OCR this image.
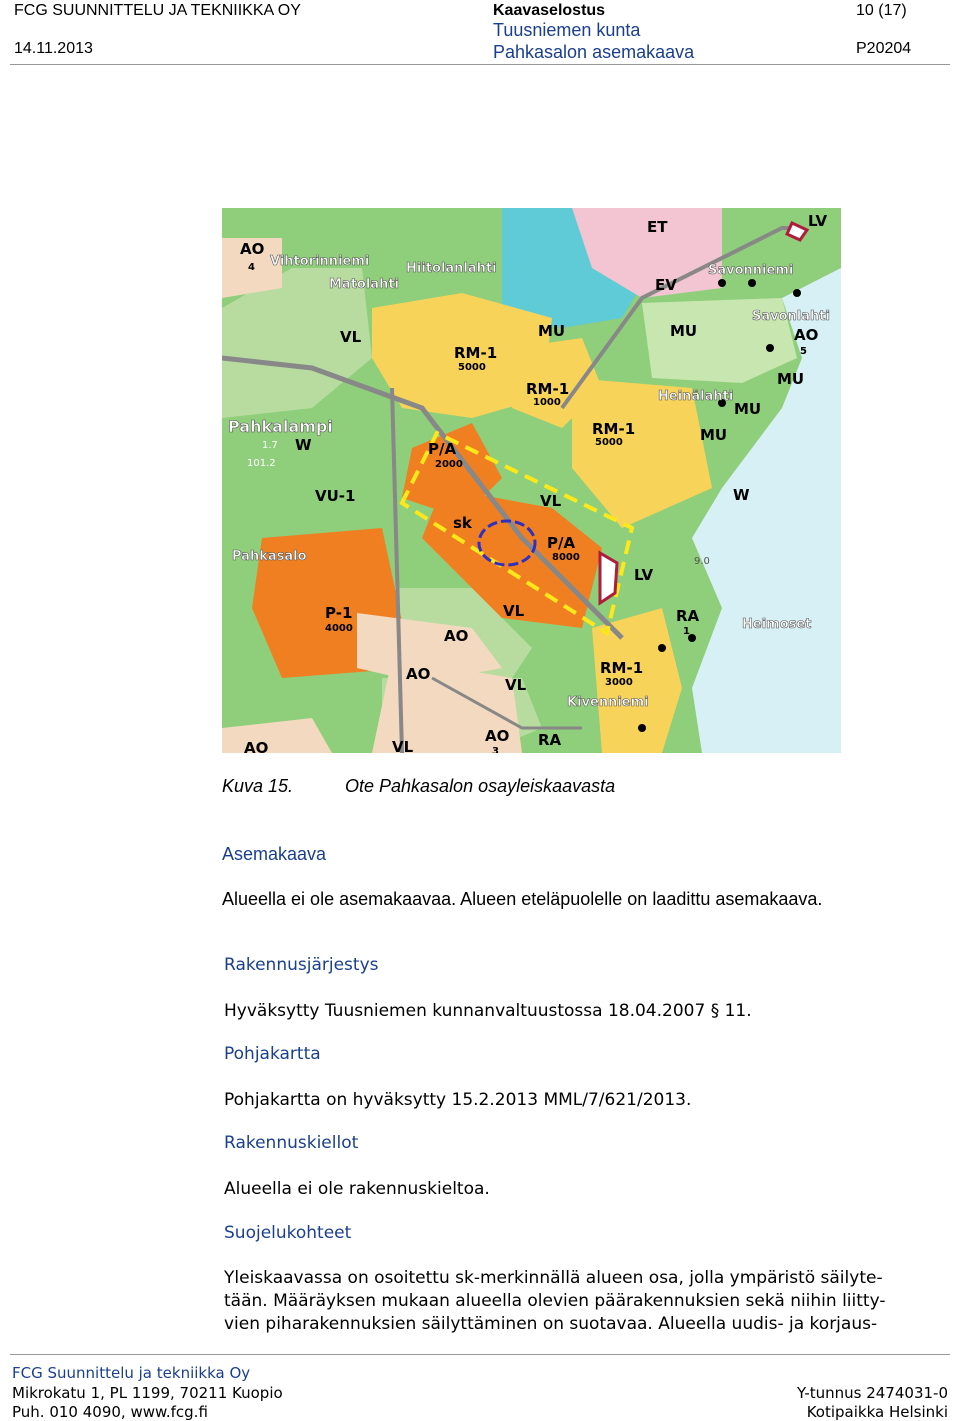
FCG SUUNNITTELU JA TEKNIIKKA OY
14.11.2013
Kaavaselostus
Tuusniemen kunta
Pahkasalon asemakaava
10 (17)
P20204
AO
4
VL
RM-1
5000
MU
ET
EV
LV
MU	AO
5
MU
MU
MU
RM-1
1000
RM-1
5000
P/A
2000
W
VU-1
sk
VL
P/A
8000
LV
W
P-1
4000
VL
AO
AO
RA
1
RM-1
3000
VL
AO
3
RA
VL
AO
Vihtorinniemi
Matolahti
Hiitolanlahti
Pahkalampi
Pahkasalo
Heinälahti
Savonlahti
Savonniemi
Heimoset
Kivenniemi
1.7
101.2
9.0
Kuva 15.	Ote Pahkasalon osayleiskaavasta
Asemakaava
Alueella ei ole asemakaavaa. Alueen eteläpuolelle on laadittu asemakaava.
Rakennusjärjestys
Hyväksytty Tuusniemen kunnanvaltuustossa 18.04.2007 § 11.
Pohjakartta
Pohjakartta on hyväksytty 15.2.2013 MML/7/621/2013.
Rakennuskiellot
Alueella ei ole rakennuskieltoa.
Suojelukohteet
Yleiskaavassa on osoitettu sk-merkinnällä alueen osa, jolla ympäristö säilyte-
tään. Määräyksen mukaan alueella olevien päärakennuksien sekä niihin liitty-
vien piharakennuksien säilyttäminen on suotavaa. Alueella uudis- ja korjaus-
FCG Suunnittelu ja tekniikka Oy
Mikrokatu 1, PL 1199, 70211 Kuopio
Puh. 010 4090, www.fcg.fi
Y-tunnus 2474031-0
Kotipaikka Helsinki
